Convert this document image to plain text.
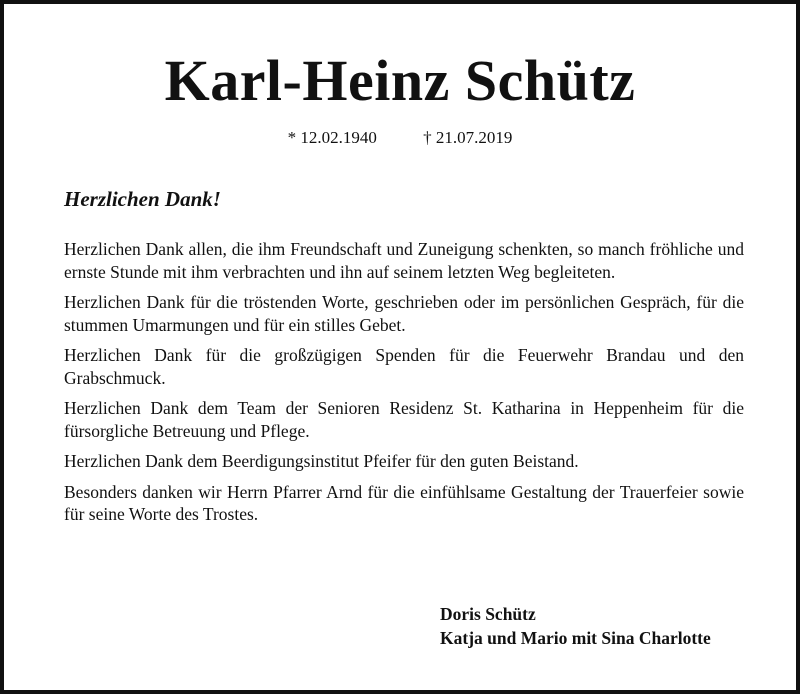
Karl-Heinz Schütz
* 12.02.1940	† 21.07.2019
Herzlichen Dank!

Herzlichen Dank allen, die ihm Freundschaft und Zuneigung schenkten, so manch fröhliche und ernste Stunde mit ihm verbrachten und ihn auf seinem letzten Weg begleiteten.

Herzlichen Dank für die tröstenden Worte, geschrieben oder im persönlichen Gespräch, für die stummen Umarmungen und für ein stilles Gebet.

Herzlichen Dank für die großzügigen Spenden für die Feuerwehr Brandau und den Grabschmuck.

Herzlichen Dank dem Team der Senioren Residenz St. Katharina in Heppenheim für die fürsorgliche Betreuung und Pflege.

Herzlichen Dank dem Beerdigungsinstitut Pfeifer für den guten Beistand.

Besonders danken wir Herrn Pfarrer Arnd für die einfühlsame Gestaltung der Trauerfeier sowie für seine Worte des Trostes.

Doris Schütz
Katja und Mario mit Sina Charlotte
